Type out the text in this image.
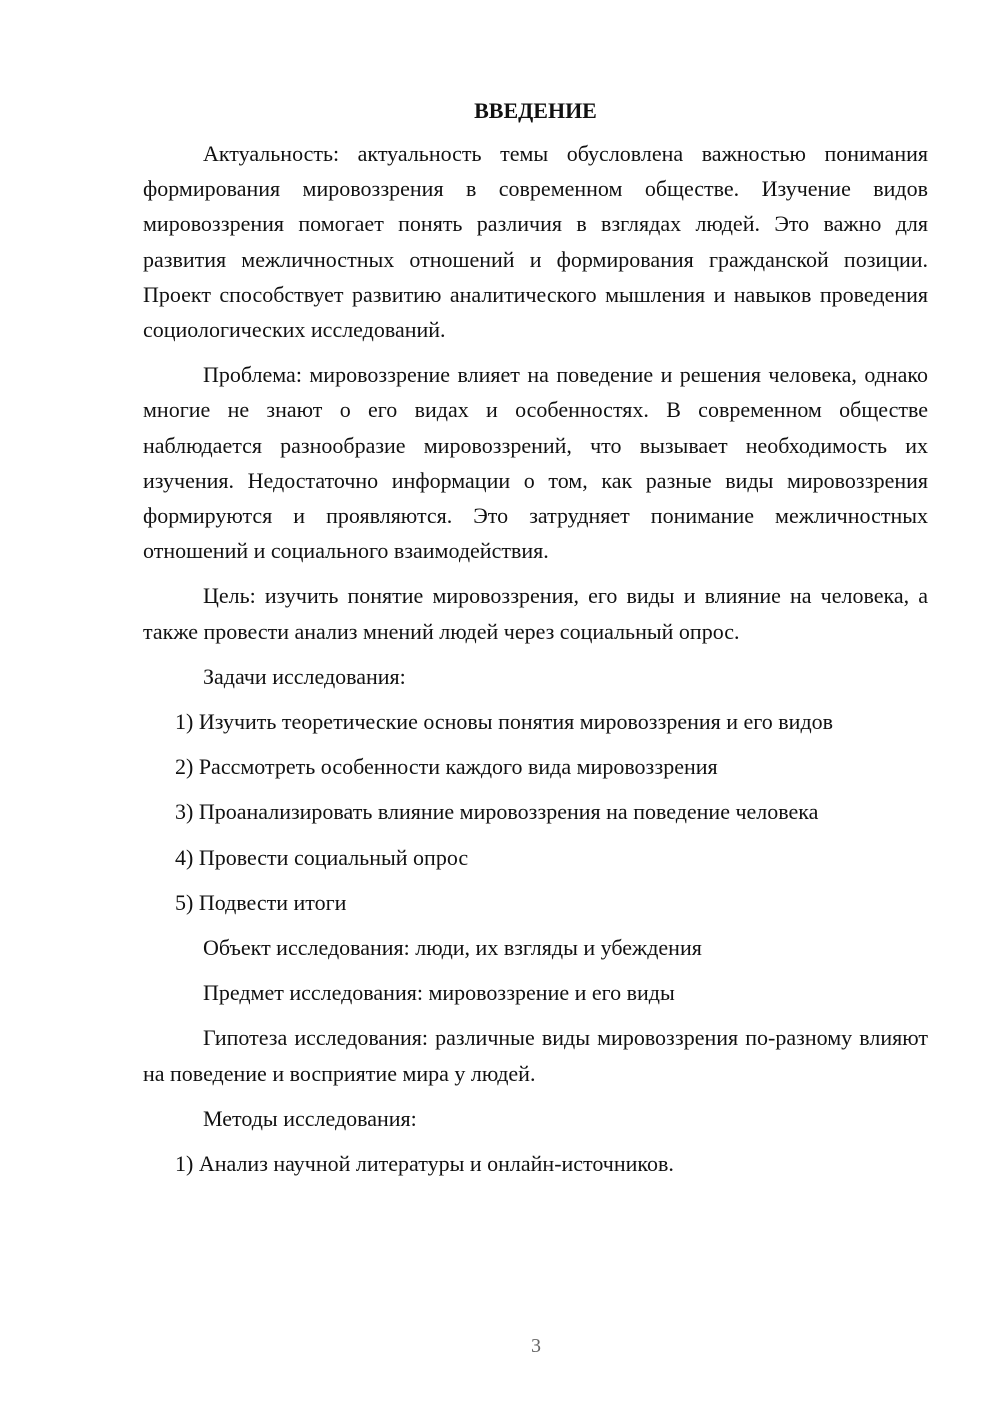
ВВЕДЕНИЕ

Актуальность: актуальность темы обусловлена важностью понимания формирования мировоззрения в современном обществе. Изучение видов мировоззрения помогает понять различия в взглядах людей. Это важно для развития межличностных отношений и формирования гражданской позиции. Проект способствует развитию аналитического мышления и навыков проведения социологических исследований.

Проблема: мировоззрение влияет на поведение и решения человека, однако многие не знают о его видах и особенностях. В современном обществе наблюдается разнообразие мировоззрений, что вызывает необходимость их изучения. Недостаточно информации о том, как разные виды мировоззрения формируются и проявляются. Это затрудняет понимание межличностных отношений и социального взаимодействия.

Цель: изучить понятие мировоззрения, его виды и влияние на человека, а также провести анализ мнений людей через социальный опрос.

Задачи исследования:
1) Изучить теоретические основы понятия мировоззрения и его видов
2) Рассмотреть особенности каждого вида мировоззрения
3) Проанализировать влияние мировоззрения на поведение человека
4) Провести социальный опрос
5) Подвести итоги
Объект исследования: люди, их взгляды и убеждения
Предмет исследования: мировоззрение и его виды

Гипотеза исследования: различные виды мировоззрения по-разному влияют на поведение и восприятие мира у людей.

Методы исследования:
1) Анализ научной литературы и онлайн-источников.
3
